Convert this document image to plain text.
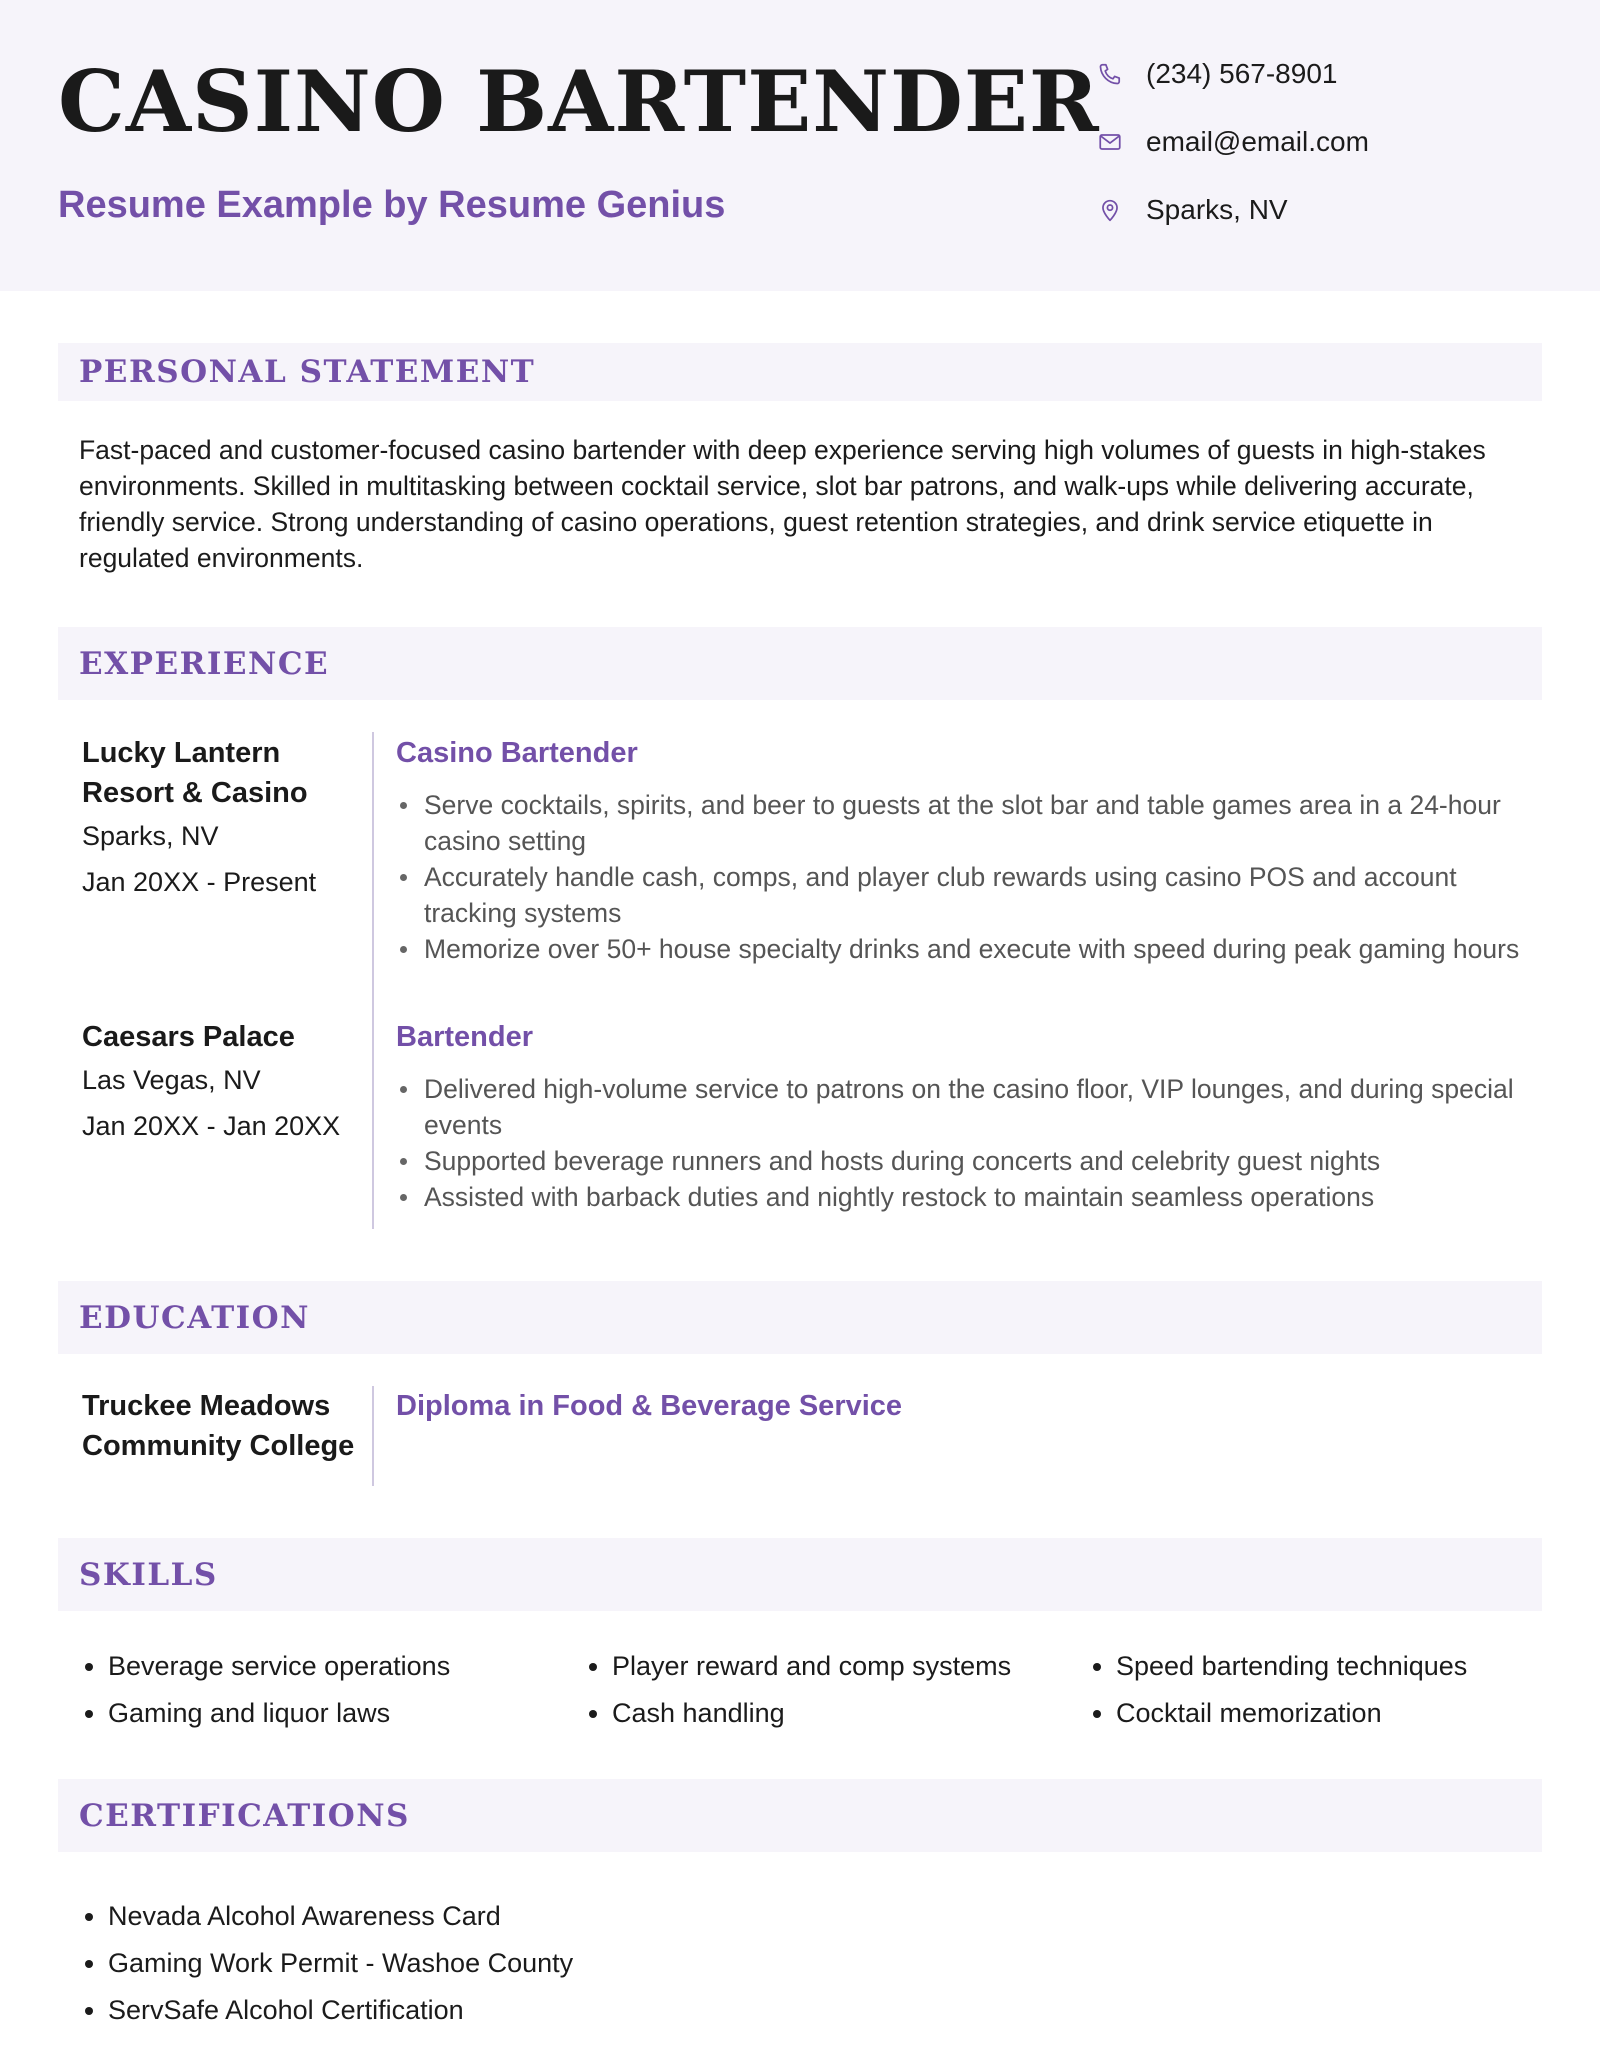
CASINO BARTENDER
Resume Example by Resume Genius
(234) 567-8901
email@email.com
Sparks, NV
PERSONAL STATEMENT
Fast-paced and customer-focused casino bartender with deep experience serving high volumes of guests in high-stakes environments. Skilled in multitasking between cocktail service, slot bar patrons, and walk-ups while delivering accurate, friendly service. Strong understanding of casino operations, guest retention strategies, and drink service etiquette in regulated environments.
EXPERIENCE
Lucky Lantern Resort & Casino
Sparks, NV
Jan 20XX - Present
Casino Bartender
Serve cocktails, spirits, and beer to guests at the slot bar and table games area in a 24-hour casino setting
Accurately handle cash, comps, and player club rewards using casino POS and account tracking systems
Memorize over 50+ house specialty drinks and execute with speed during peak gaming hours
Caesars Palace
Las Vegas, NV
Jan 20XX - Jan 20XX
Bartender
Delivered high-volume service to patrons on the casino floor, VIP lounges, and during special events
Supported beverage runners and hosts during concerts and celebrity guest nights
Assisted with barback duties and nightly restock to maintain seamless operations
EDUCATION
Truckee Meadows Community College
Diploma in Food & Beverage Service
SKILLS
Beverage service operations	Player reward and comp systems	Speed bartending techniques
Gaming and liquor laws	Cash handling	Cocktail memorization
CERTIFICATIONS
Nevada Alcohol Awareness Card
Gaming Work Permit - Washoe County
ServSafe Alcohol Certification
